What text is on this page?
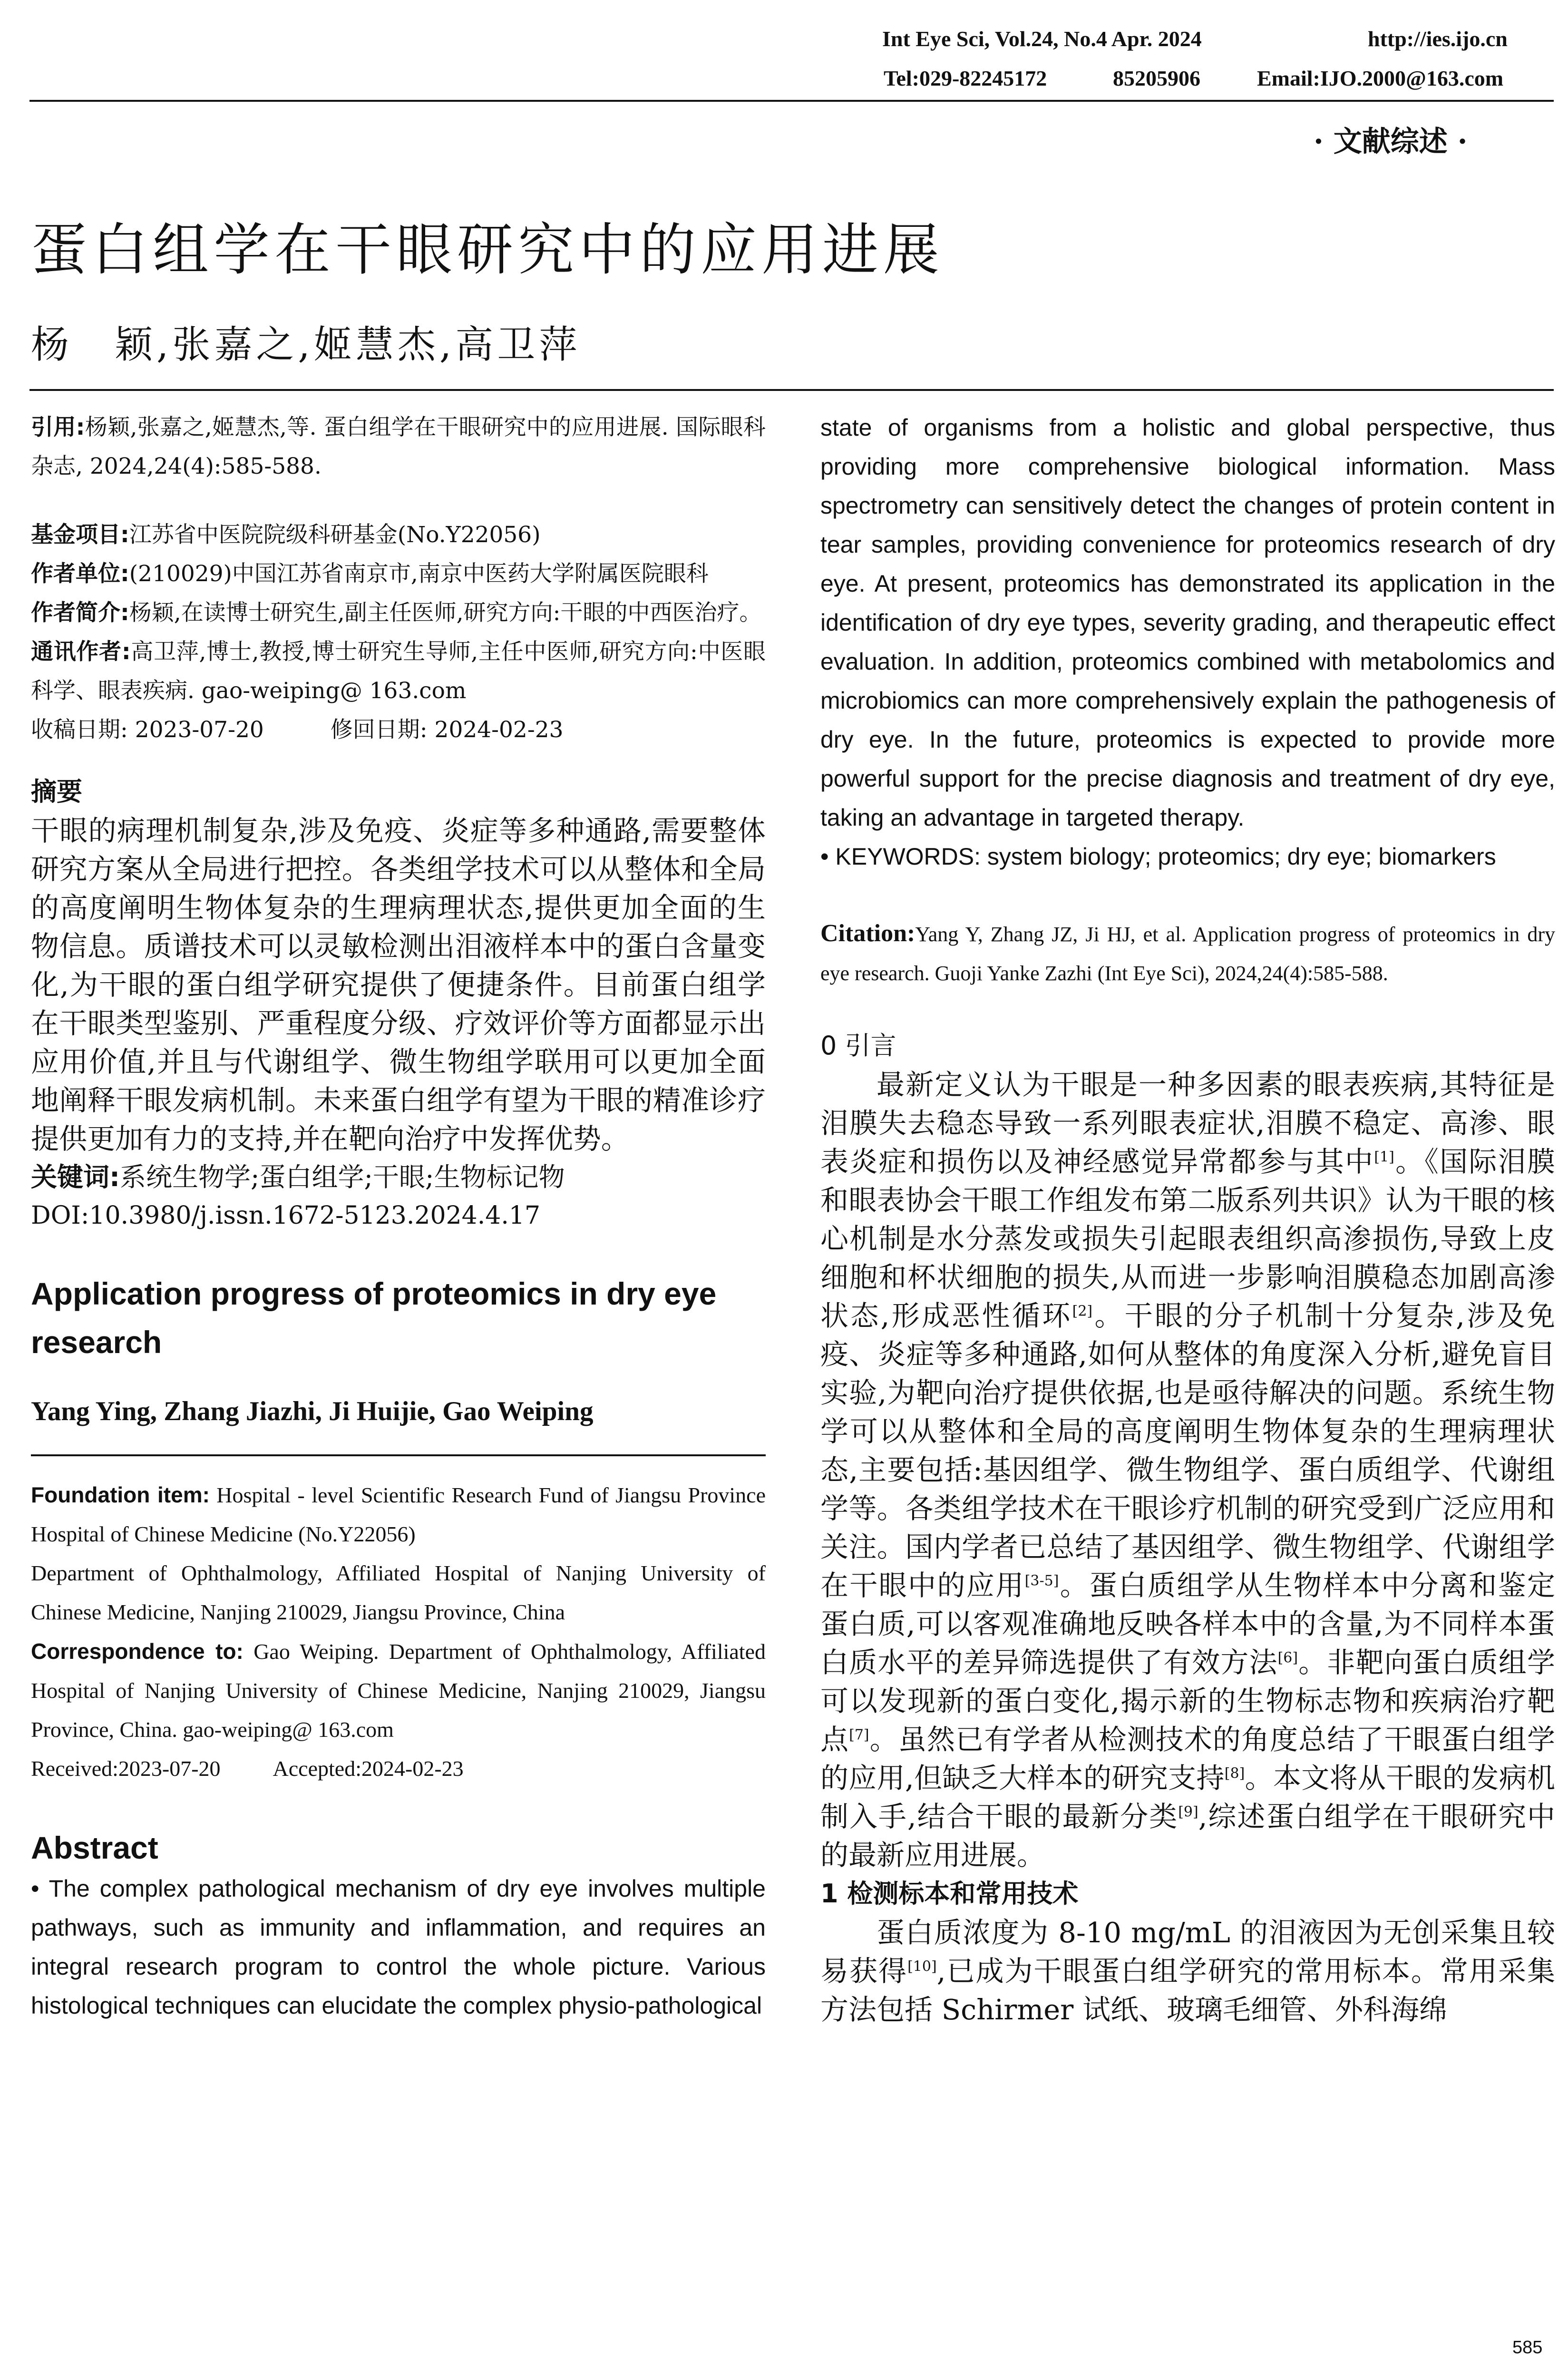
Int Eye Sci, Vol.24, No.4 Apr. 2024	http://ies.ijo.cn
Tel:029-82245172	85205906	Email:IJO.2000@163.com
· 文献综述 ·
蛋白组学在干眼研究中的应用进展
杨　颖,张嘉之,姬慧杰,高卫萍
引用:杨颖,张嘉之,姬慧杰,等. 蛋白组学在干眼研究中的应用进展. 国际眼科杂志, 2024,24(4):585-588.
基金项目:江苏省中医院院级科研基金(No.Y22056)
作者单位:(210029)中国江苏省南京市,南京中医药大学附属医院眼科
作者简介:杨颖,在读博士研究生,副主任医师,研究方向:干眼的中西医治疗。
通讯作者:高卫萍,博士,教授,博士研究生导师,主任中医师,研究方向:中医眼科学、眼表疾病. gao-weiping@ 163.com
收稿日期: 2023-07-20	修回日期: 2024-02-23
摘要
干眼的病理机制复杂,涉及免疫、炎症等多种通路,需要整体研究方案从全局进行把控。各类组学技术可以从整体和全局的高度阐明生物体复杂的生理病理状态,提供更加全面的生物信息。质谱技术可以灵敏检测出泪液样本中的蛋白含量变化,为干眼的蛋白组学研究提供了便捷条件。目前蛋白组学在干眼类型鉴别、严重程度分级、疗效评价等方面都显示出应用价值,并且与代谢组学、微生物组学联用可以更加全面地阐释干眼发病机制。未来蛋白组学有望为干眼的精准诊疗提供更加有力的支持,并在靶向治疗中发挥优势。
关键词:系统生物学;蛋白组学;干眼;生物标记物
DOI:10.3980/j.issn.1672-5123.2024.4.17
Application progress of proteomics in dry eye research
Yang Ying, Zhang Jiazhi, Ji Huijie, Gao Weiping
Foundation item: Hospital - level Scientific Research Fund of Jiangsu Province Hospital of Chinese Medicine (No.Y22056)
Department of Ophthalmology, Affiliated Hospital of Nanjing University of Chinese Medicine, Nanjing 210029, Jiangsu Province, China
Correspondence to: Gao Weiping. Department of Ophthalmology, Affiliated Hospital of Nanjing University of Chinese Medicine, Nanjing 210029, Jiangsu Province, China. gao-weiping@ 163.com
Received:2023-07-20 Accepted:2024-02-23
Abstract
• The complex pathological mechanism of dry eye involves multiple pathways, such as immunity and inflammation, and requires an integral research program to control the whole picture. Various histological techniques can elucidate the complex physio-pathological
state of organisms from a holistic and global perspective, thus providing more comprehensive biological information. Mass spectrometry can sensitively detect the changes of protein content in tear samples, providing convenience for proteomics research of dry eye. At present, proteomics has demonstrated its application in the identification of dry eye types, severity grading, and therapeutic effect evaluation. In addition, proteomics combined with metabolomics and microbiomics can more comprehensively explain the pathogenesis of dry eye. In the future, proteomics is expected to provide more powerful support for the precise diagnosis and treatment of dry eye, taking an advantage in targeted therapy.
• KEYWORDS: system biology; proteomics; dry eye; biomarkers
Citation:Yang Y, Zhang JZ, Ji HJ, et al. Application progress of proteomics in dry eye research. Guoji Yanke Zazhi (Int Eye Sci), 2024,24(4):585-588.
0 引言
最新定义认为干眼是一种多因素的眼表疾病,其特征是泪膜失去稳态导致一系列眼表症状,泪膜不稳定、高渗、眼表炎症和损伤以及神经感觉异常都参与其中[1]。《国际泪膜和眼表协会干眼工作组发布第二版系列共识》认为干眼的核心机制是水分蒸发或损失引起眼表组织高渗损伤,导致上皮细胞和杯状细胞的损失,从而进一步影响泪膜稳态加剧高渗状态,形成恶性循环[2]。干眼的分子机制十分复杂,涉及免疫、炎症等多种通路,如何从整体的角度深入分析,避免盲目实验,为靶向治疗提供依据,也是亟待解决的问题。系统生物学可以从整体和全局的高度阐明生物体复杂的生理病理状态,主要包括:基因组学、微生物组学、蛋白质组学、代谢组学等。各类组学技术在干眼诊疗机制的研究受到广泛应用和关注。国内学者已总结了基因组学、微生物组学、代谢组学在干眼中的应用[3-5]。蛋白质组学从生物样本中分离和鉴定蛋白质,可以客观准确地反映各样本中的含量,为不同样本蛋白质水平的差异筛选提供了有效方法[6]。非靶向蛋白质组学可以发现新的蛋白变化,揭示新的生物标志物和疾病治疗靶点[7]。虽然已有学者从检测技术的角度总结了干眼蛋白组学的应用,但缺乏大样本的研究支持[8]。本文将从干眼的发病机制入手,结合干眼的最新分类[9],综述蛋白组学在干眼研究中的最新应用进展。
1 检测标本和常用技术
蛋白质浓度为 8-10 mg/mL 的泪液因为无创采集且较易获得[10],已成为干眼蛋白组学研究的常用标本。常用采集方法包括 Schirmer 试纸、玻璃毛细管、外科海绵
585
